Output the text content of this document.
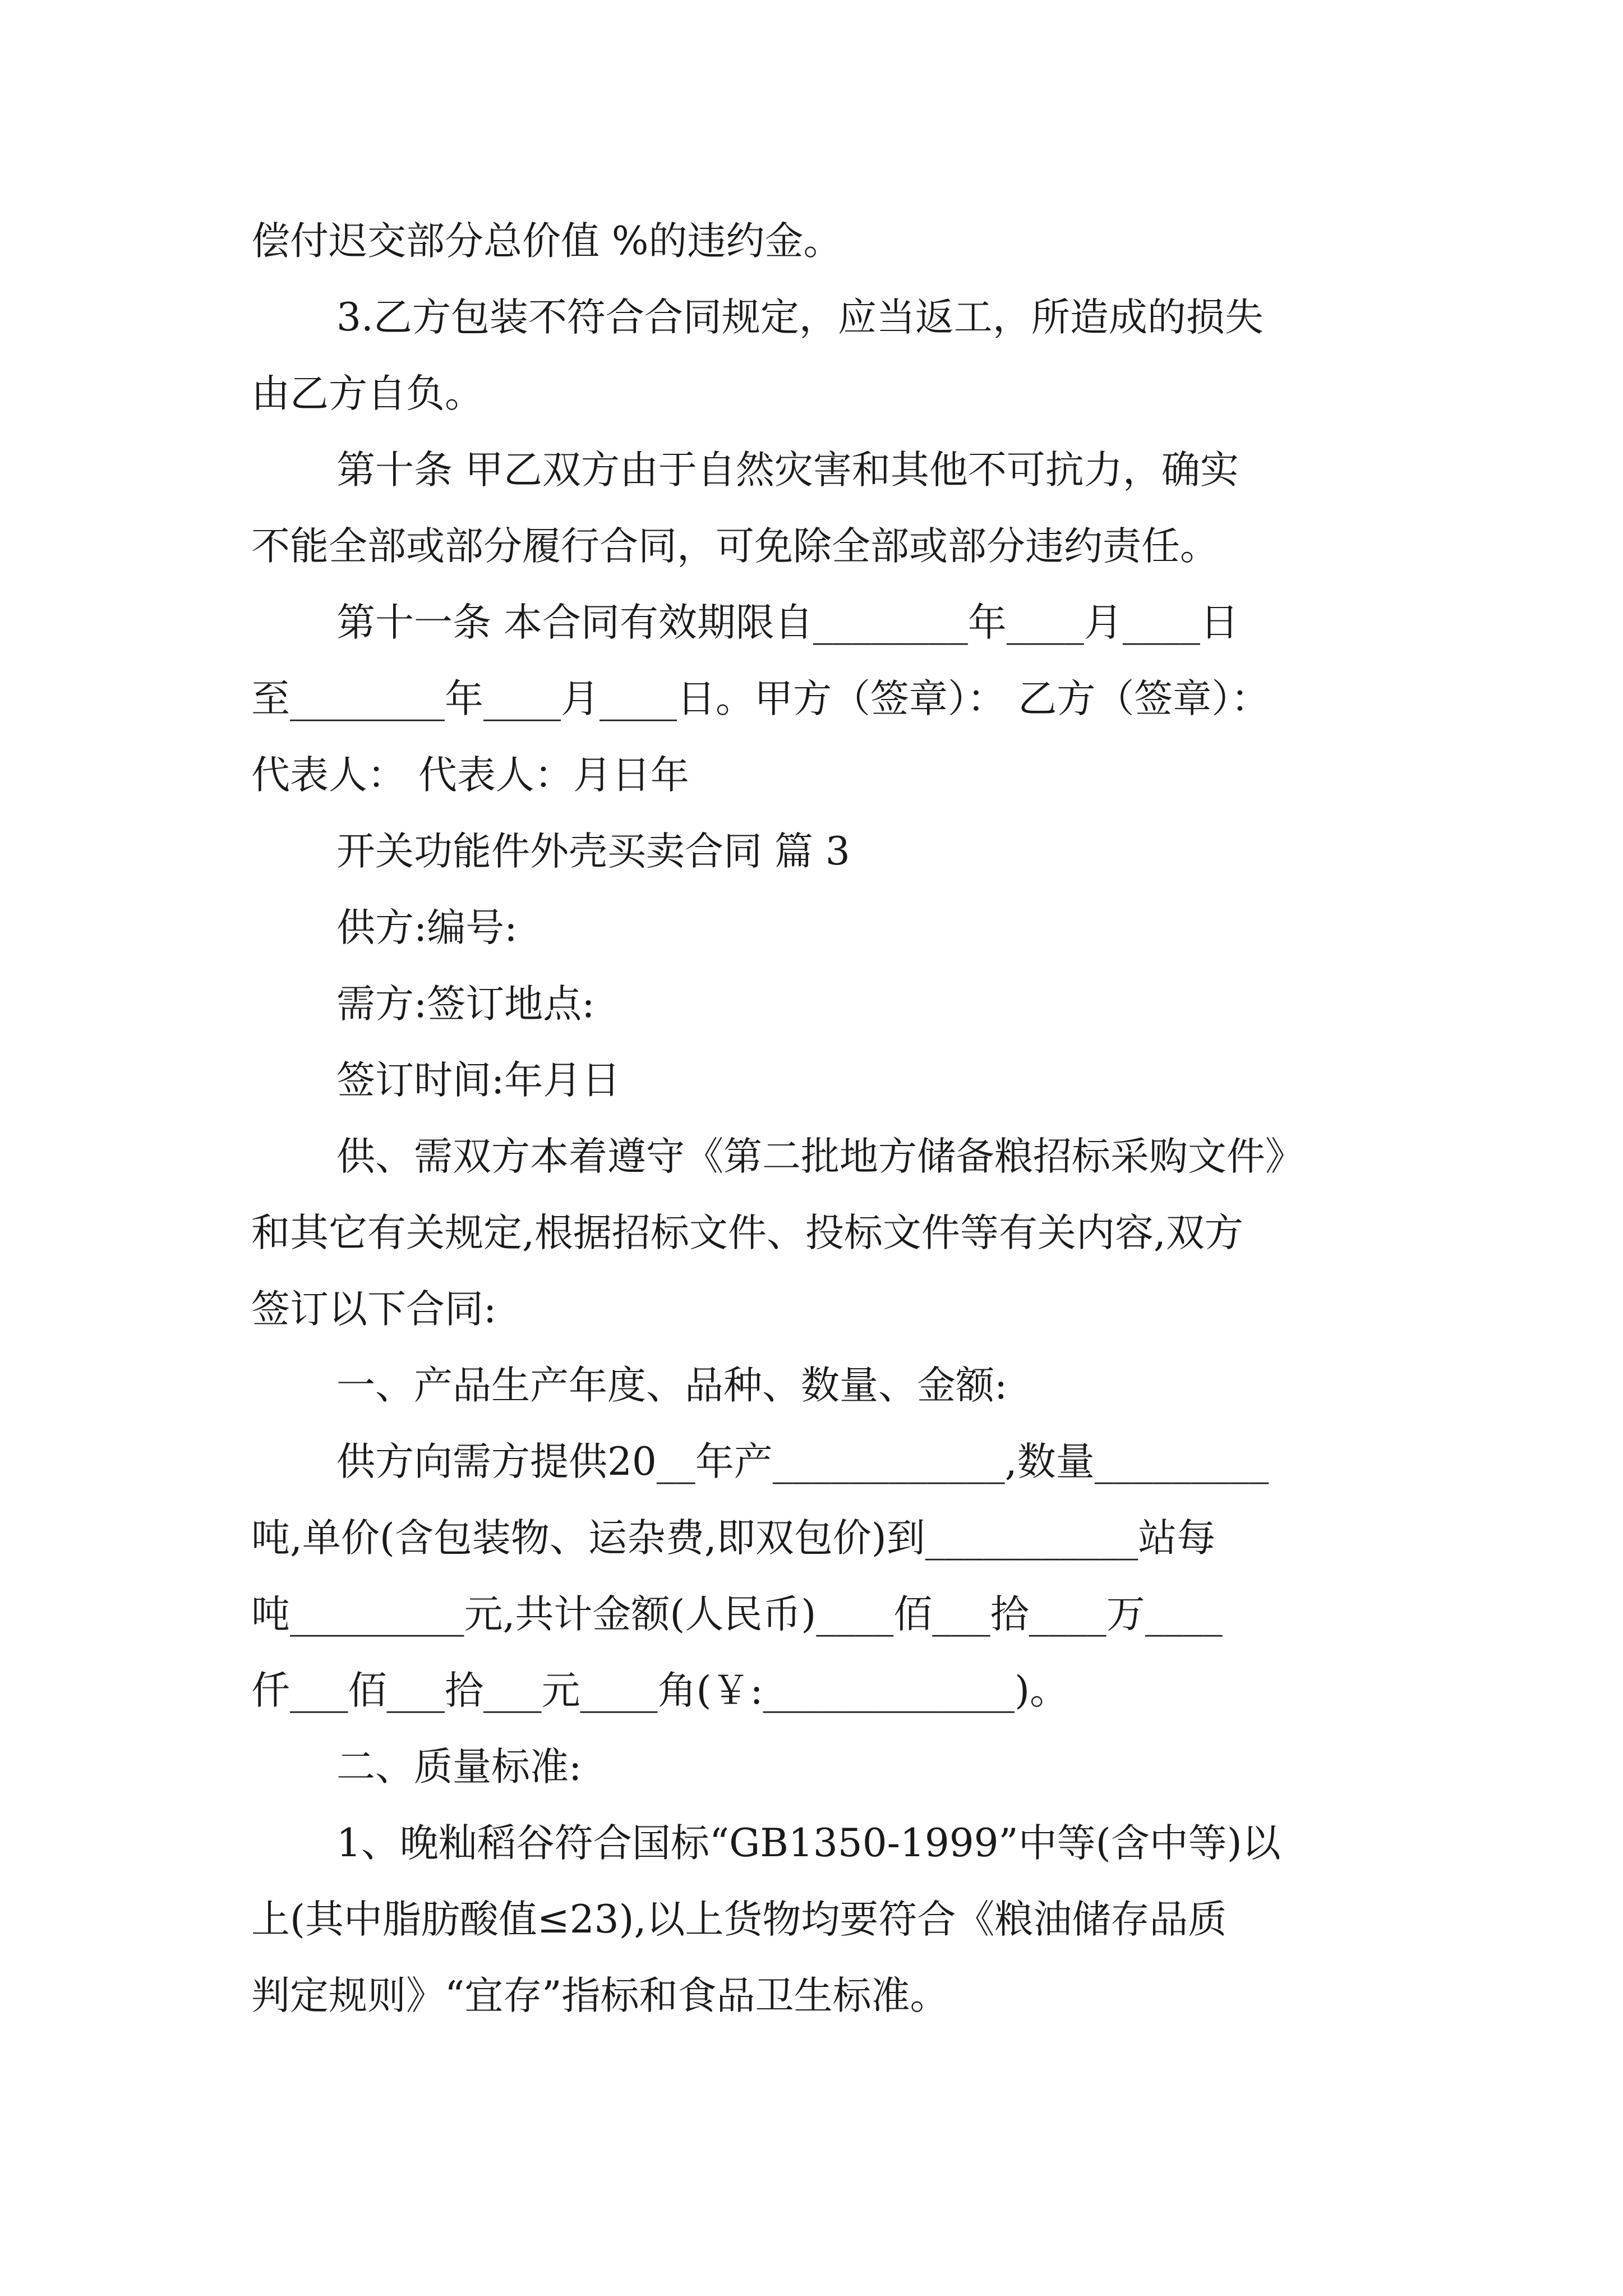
偿付迟交部分总价值 %的违约金。

3.乙方包装不符合合同规定，应当返工，所造成的损失

由乙方自负。

第十条 甲乙双方由于自然灾害和其他不可抗力，确实

不能全部或部分履行合同，可免除全部或部分违约责任。

第十一条 本合同有效期限自________年____月____日

至________年____月____日。甲方（签章）： 乙方（签章）：

代表人： 代表人：月日年

开关功能件外壳买卖合同 篇 3

供方:编号:

需方:签订地点:

签订时间:年月日

供、需双方本着遵守《第二批地方储备粮招标采购文件》

和其它有关规定,根据招标文件、投标文件等有关内容,双方

签订以下合同:

一、产品生产年度、品种、数量、金额:

供方向需方提供20__年产____________,数量_________

吨,单价(含包装物、运杂费,即双包价)到___________站每

吨_________元,共计金额(人民币)____佰___拾____万____

仟___佰___拾___元____角(￥:_____________)。

二、质量标准:

1、晚籼稻谷符合国标“GB1350-1999”中等(含中等)以

上(其中脂肪酸值≤23),以上货物均要符合《粮油储存品质

判定规则》“宜存”指标和食品卫生标准。
